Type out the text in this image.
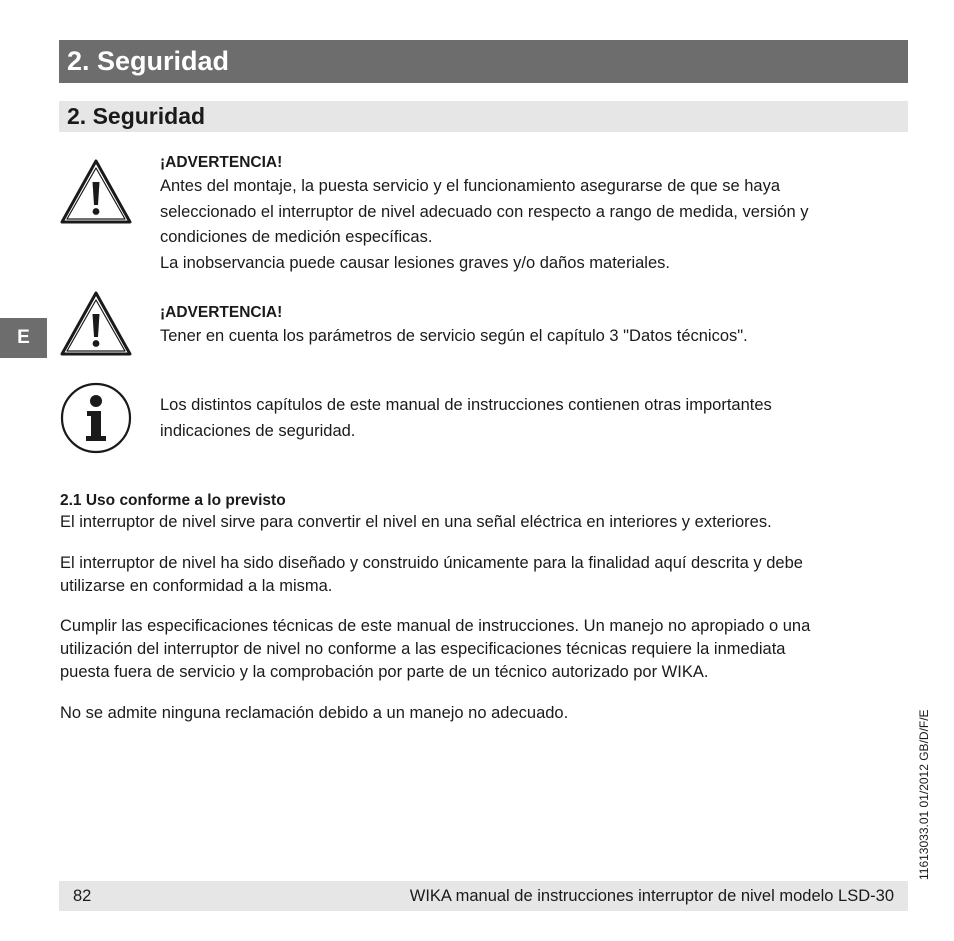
2. Seguridad
2. Seguridad
E
¡ADVERTENCIA!

Antes del montaje, la puesta servicio y el funcionamiento asegurarse de que se haya

seleccionado el interruptor de nivel adecuado con respecto a rango de medida, versión y

condiciones de medición específicas.

La inobservancia puede causar lesiones graves y/o daños materiales.

¡ADVERTENCIA!

Tener en cuenta los parámetros de servicio según el capítulo 3 "Datos técnicos".

Los distintos capítulos de este manual de instrucciones contienen otras importantes

indicaciones de seguridad.

2.1 Uso conforme a lo previsto

El interruptor de nivel sirve para convertir el nivel en una señal eléctrica en interiores y exteriores.

El interruptor de nivel ha sido diseñado y construido únicamente para la finalidad aquí descrita y debe

utilizarse en conformidad a la misma.

Cumplir las especificaciones técnicas de este manual de instrucciones. Un manejo no apropiado o una

utilización del interruptor de nivel no conforme a las especificaciones técnicas requiere la inmediata

puesta fuera de servicio y la comprobación por parte de un técnico autorizado por WIKA.

No se admite ninguna reclamación debido a un manejo no adecuado.

82	WIKA manual de instrucciones interruptor de nivel modelo LSD-30
11613033.01 01/2012 GB/D/F/E
